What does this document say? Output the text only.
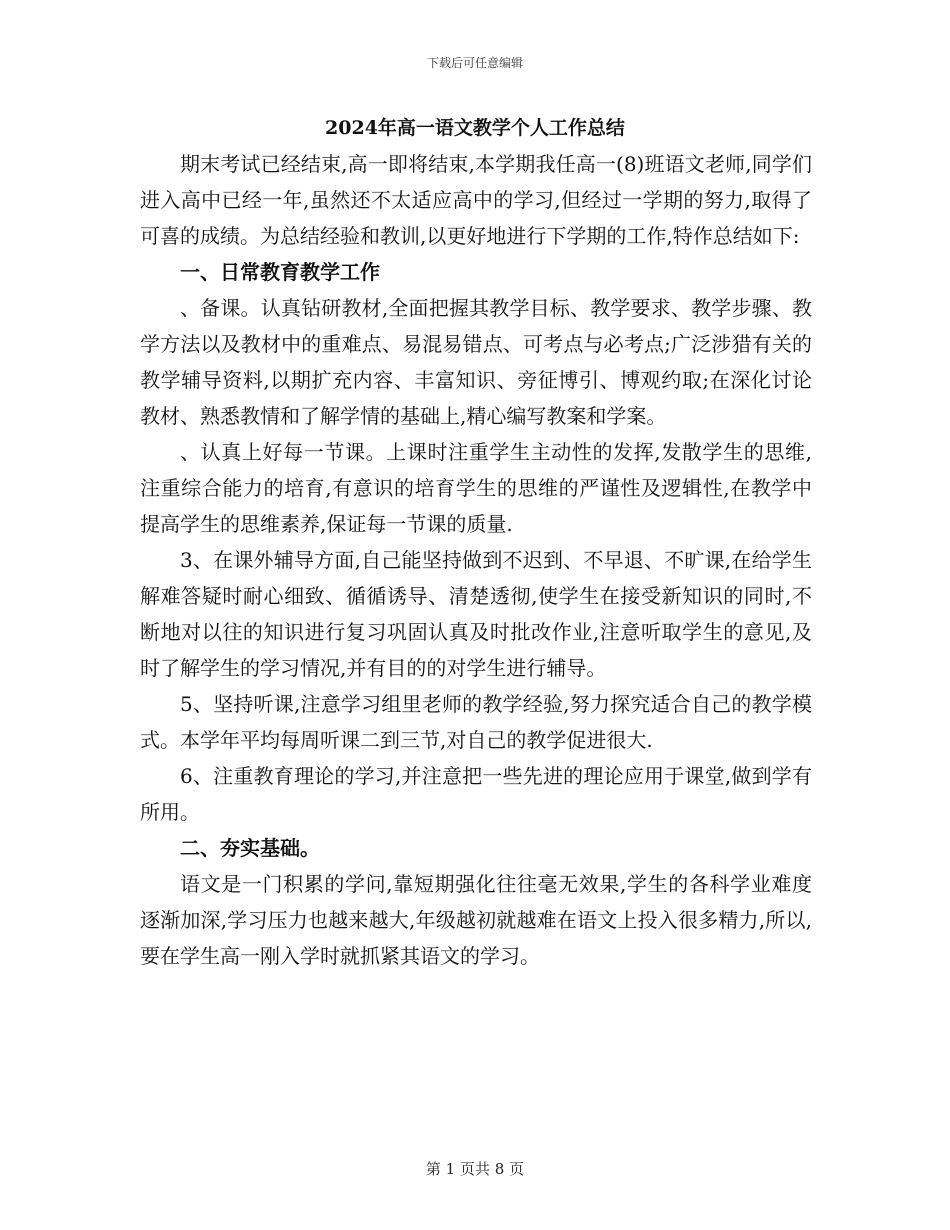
下载后可任意编辑
2024年高一语文教学个人工作总结

期末考试已经结束,高一即将结束,本学期我任高一(8)班语文老师,同学们进入高中已经一年,虽然还不太适应高中的学习,但经过一学期的努力,取得了可喜的成绩。为总结经验和教训,以更好地进行下学期的工作,特作总结如下:

一、日常教育教学工作

、备课。认真钻研教材,全面把握其教学目标、教学要求、教学步骤、教学方法以及教材中的重难点、易混易错点、可考点与必考点;广泛涉猎有关的教学辅导资料,以期扩充内容、丰富知识、旁征博引、博观约取;在深化讨论教材、熟悉教情和了解学情的基础上,精心编写教案和学案。

、认真上好每一节课。上课时注重学生主动性的发挥,发散学生的思维,注重综合能力的培育,有意识的培育学生的思维的严谨性及逻辑性,在教学中提高学生的思维素养,保证每一节课的质量.

3、在课外辅导方面,自己能坚持做到不迟到、不早退、不旷课,在给学生解难答疑时耐心细致、循循诱导、清楚透彻,使学生在接受新知识的同时,不断地对以往的知识进行复习巩固认真及时批改作业,注意听取学生的意见,及时了解学生的学习情况,并有目的的对学生进行辅导。

5、坚持听课,注意学习组里老师的教学经验,努力探究适合自己的教学模式。本学年平均每周听课二到三节,对自己的教学促进很大.

6、注重教育理论的学习,并注意把一些先进的理论应用于课堂,做到学有所用。

二、夯实基础。

语文是一门积累的学问,靠短期强化往往毫无效果,学生的各科学业难度逐渐加深,学习压力也越来越大,年级越初就越难在语文上投入很多精力,所以,要在学生高一刚入学时就抓紧其语文的学习。

第 1 页共 8 页
